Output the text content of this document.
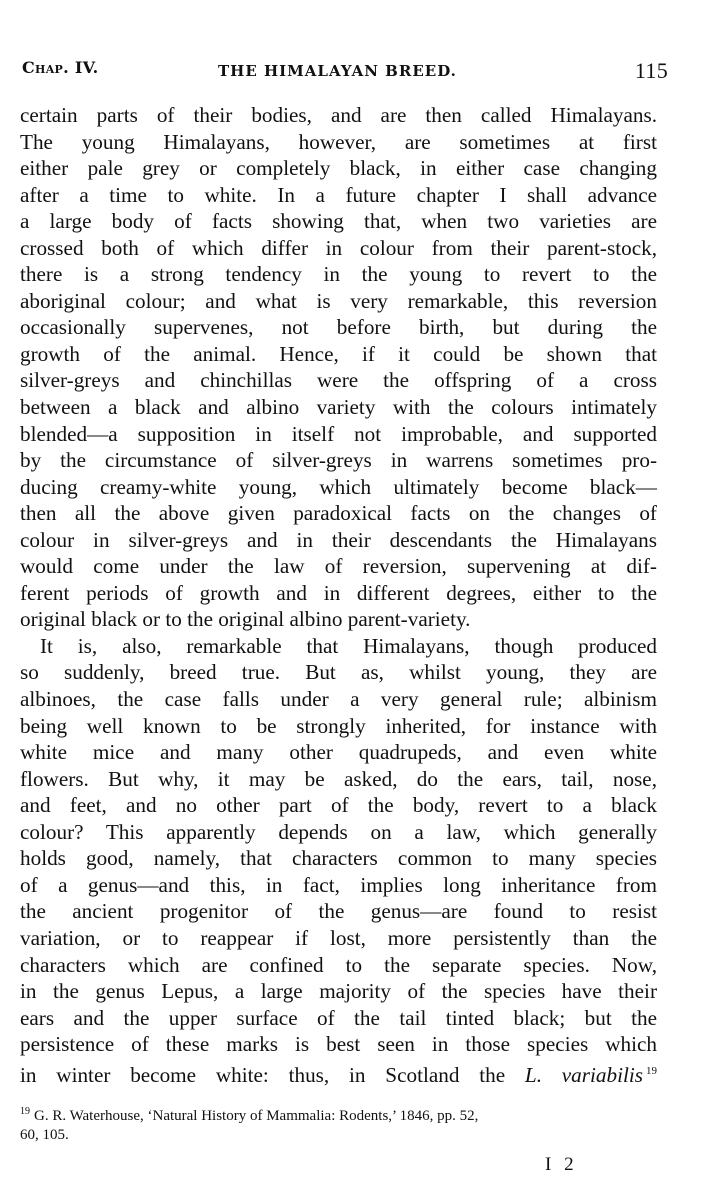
Chap. IV.	THE HIMALAYAN BREED.	115
certain parts of their bodies, and are then called Himalayans.
The young Himalayans, however, are sometimes at first
either pale grey or completely black, in either case changing
after a time to white. In a future chapter I shall advance
a large body of facts showing that, when two varieties are
crossed both of which differ in colour from their parent-stock,
there is a strong tendency in the young to revert to the
aboriginal colour; and what is very remarkable, this reversion
occasionally supervenes, not before birth, but during the
growth of the animal. Hence, if it could be shown that
silver-greys and chinchillas were the offspring of a cross
between a black and albino variety with the colours intimately
blended—a supposition in itself not improbable, and supported
by the circumstance of silver-greys in warrens sometimes pro-
ducing creamy-white young, which ultimately become black—
then all the above given paradoxical facts on the changes of
colour in silver-greys and in their descendants the Himalayans
would come under the law of reversion, supervening at dif-
ferent periods of growth and in different degrees, either to the
original black or to the original albino parent-variety.
It is, also, remarkable that Himalayans, though produced
so suddenly, breed true. But as, whilst young, they are
albinoes, the case falls under a very general rule; albinism
being well known to be strongly inherited, for instance with
white mice and many other quadrupeds, and even white
flowers. But why, it may be asked, do the ears, tail, nose,
and feet, and no other part of the body, revert to a black
colour? This apparently depends on a law, which generally
holds good, namely, that characters common to many species
of a genus—and this, in fact, implies long inheritance from
the ancient progenitor of the genus—are found to resist
variation, or to reappear if lost, more persistently than the
characters which are confined to the separate species. Now,
in the genus Lepus, a large majority of the species have their
ears and the upper surface of the tail tinted black; but the
persistence of these marks is best seen in those species which
in winter become white: thus, in Scotland the L. variabilis $^{19}$
$^{19}$ G. R. Waterhouse, ‘Natural History of Mammalia: Rodents,’ 1846, pp. 52,
60, 105.
I 2
